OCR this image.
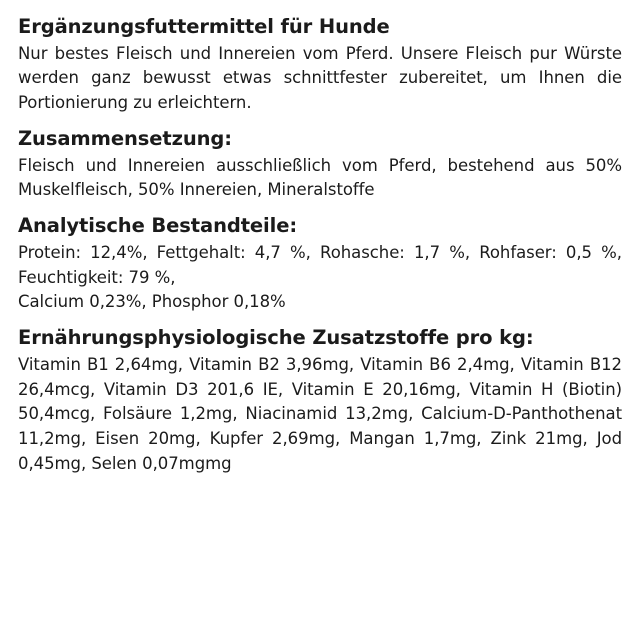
Ergänzungsfuttermittel für Hunde

Nur bestes Fleisch und Innereien vom Pferd. Unsere Fleisch pur Würste werden ganz bewusst etwas schnittfester zubereitet, um Ihnen die Portionierung zu erleichtern.

Zusammensetzung:

Fleisch und Innereien ausschließlich vom Pferd, bestehend aus 50% Muskelfleisch, 50% Innereien, Mineralstoffe

Analytische Bestandteile:

Protein: 12,4%, Fettgehalt: 4,7 %, Rohasche: 1,7 %, Rohfaser: 0,5 %, Feuchtigkeit: 79 %,

Calcium 0,23%, Phosphor 0,18%

Ernährungsphysiologische Zusatzstoffe pro kg:

Vitamin B1 2,64mg, Vitamin B2 3,96mg, Vitamin B6 2,4mg, Vitamin B12 26,4mcg, Vitamin D3 201,6 IE, Vitamin E 20,16mg, Vitamin H (Biotin) 50,4mcg, Folsäure 1,2mg, Niacinamid 13,2mg, Calcium-D-Panthothenat 11,2mg, Eisen 20mg, Kupfer 2,69mg, Mangan 1,7mg, Zink 21mg, Jod 0,45mg, Selen 0,07mgmg
